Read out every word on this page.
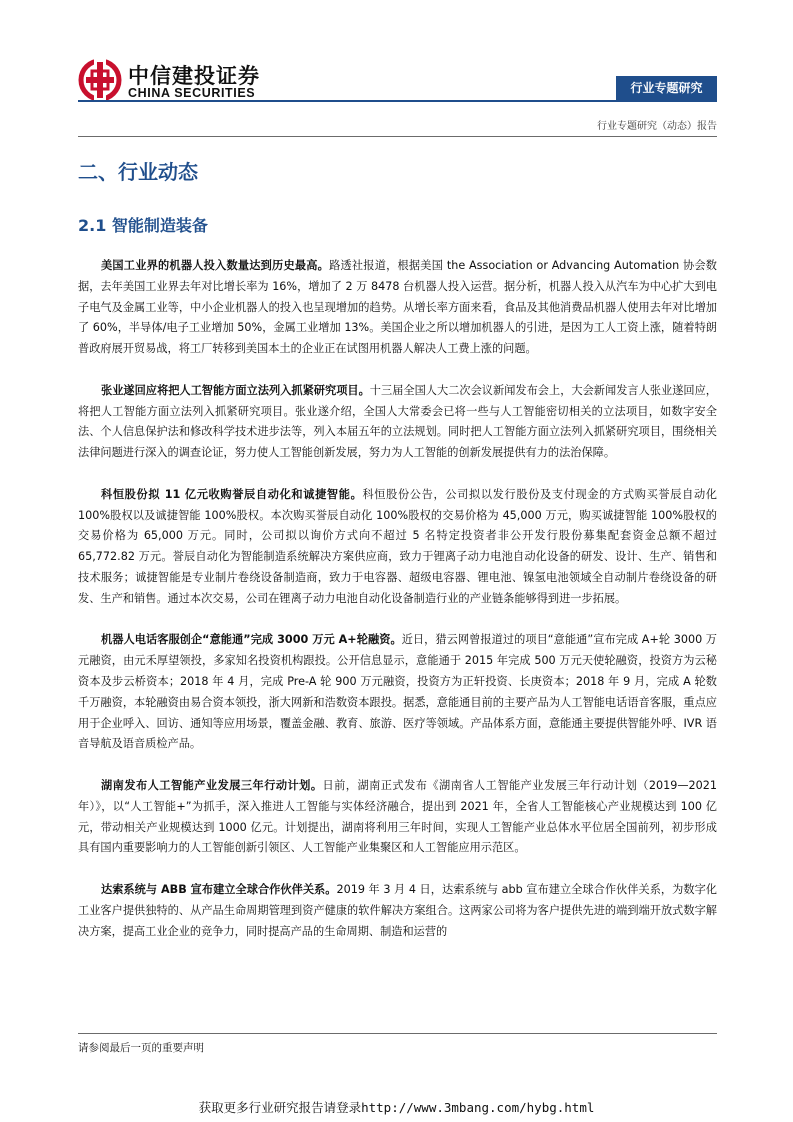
中信建投证券
CHINA SECURITIES	行业专题研究
行业专题研究（动态）报告
二、行业动态
2.1 智能制造装备

美国工业界的机器人投入数量达到历史最高。路透社报道，根据美国 the Association or Advancing Automation 协会数据，去年美国工业界去年对比增长率为 16%，增加了 2 万 8478 台机器人投入运营。据分析，机器人投入从汽车为中心扩大到电子电气及金属工业等，中小企业机器人的投入也呈现增加的趋势。从增长率方面来看，食品及其他消费品机器人使用去年对比增加了 60%，半导体/电子工业增加 50%，金属工业增加 13%。美国企业之所以增加机器人的引进，是因为工人工资上涨，随着特朗普政府展开贸易战，将工厂转移到美国本土的企业正在试图用机器人解决人工费上涨的问题。

张业遂回应将把人工智能方面立法列入抓紧研究项目。十三届全国人大二次会议新闻发布会上，大会新闻发言人张业遂回应，将把人工智能方面立法列入抓紧研究项目。张业遂介绍，全国人大常委会已将一些与人工智能密切相关的立法项目，如数字安全法、个人信息保护法和修改科学技术进步法等，列入本届五年的立法规划。同时把人工智能方面立法列入抓紧研究项目，围绕相关法律问题进行深入的调查论证，努力使人工智能创新发展，努力为人工智能的创新发展提供有力的法治保障。

科恒股份拟 11 亿元收购誉辰自动化和诚捷智能。科恒股份公告，公司拟以发行股份及支付现金的方式购买誉辰自动化 100%股权以及诚捷智能 100%股权。本次购买誉辰自动化 100%股权的交易价格为 45,000 万元，购买诚捷智能 100%股权的交易价格为 65,000 万元。同时，公司拟以询价方式向不超过 5 名特定投资者非公开发行股份募集配套资金总额不超过 65,772.82 万元。誉辰自动化为智能制造系统解决方案供应商，致力于锂离子动力电池自动化设备的研发、设计、生产、销售和技术服务；诚捷智能是专业制片卷绕设备制造商，致力于电容器、超级电容器、锂电池、镍氢电池领域全自动制片卷绕设备的研发、生产和销售。通过本次交易，公司在锂离子动力电池自动化设备制造行业的产业链条能够得到进一步拓展。

机器人电话客服创企“意能通”完成 3000 万元 A+轮融资。近日，猎云网曾报道过的项目“意能通”宣布完成 A+轮 3000 万元融资，由元禾厚望领投，多家知名投资机构跟投。公开信息显示，意能通于 2015 年完成 500 万元天使轮融资，投资方为云秘资本及步云桥资本；2018 年 4 月，完成 Pre-A 轮 900 万元融资，投资方为正轩投资、长庚资本；2018 年 9 月，完成 A 轮数千万融资，本轮融资由易合资本领投，浙大网新和浩数资本跟投。据悉，意能通目前的主要产品为人工智能电话语音客服，重点应用于企业呼入、回访、通知等应用场景，覆盖金融、教育、旅游、医疗等领域。产品体系方面，意能通主要提供智能外呼、IVR 语音导航及语音质检产品。

湖南发布人工智能产业发展三年行动计划。日前，湖南正式发布《湖南省人工智能产业发展三年行动计划（2019—2021 年）》，以“人工智能+”为抓手，深入推进人工智能与实体经济融合，提出到 2021 年，全省人工智能核心产业规模达到 100 亿元，带动相关产业规模达到 1000 亿元。计划提出，湖南将利用三年时间，实现人工智能产业总体水平位居全国前列，初步形成具有国内重要影响力的人工智能创新引领区、人工智能产业集聚区和人工智能应用示范区。

达索系统与 ABB 宣布建立全球合作伙伴关系。2019 年 3 月 4 日，达索系统与 abb 宣布建立全球合作伙伴关系，为数字化工业客户提供独特的、从产品生命周期管理到资产健康的软件解决方案组合。这两家公司将为客户提供先进的端到端开放式数字解决方案，提高工业企业的竞争力，同时提高产品的生命周期、制造和运营的

请参阅最后一页的重要声明
获取更多行业研究报告请登录http://www.3mbang.com/hybg.html
